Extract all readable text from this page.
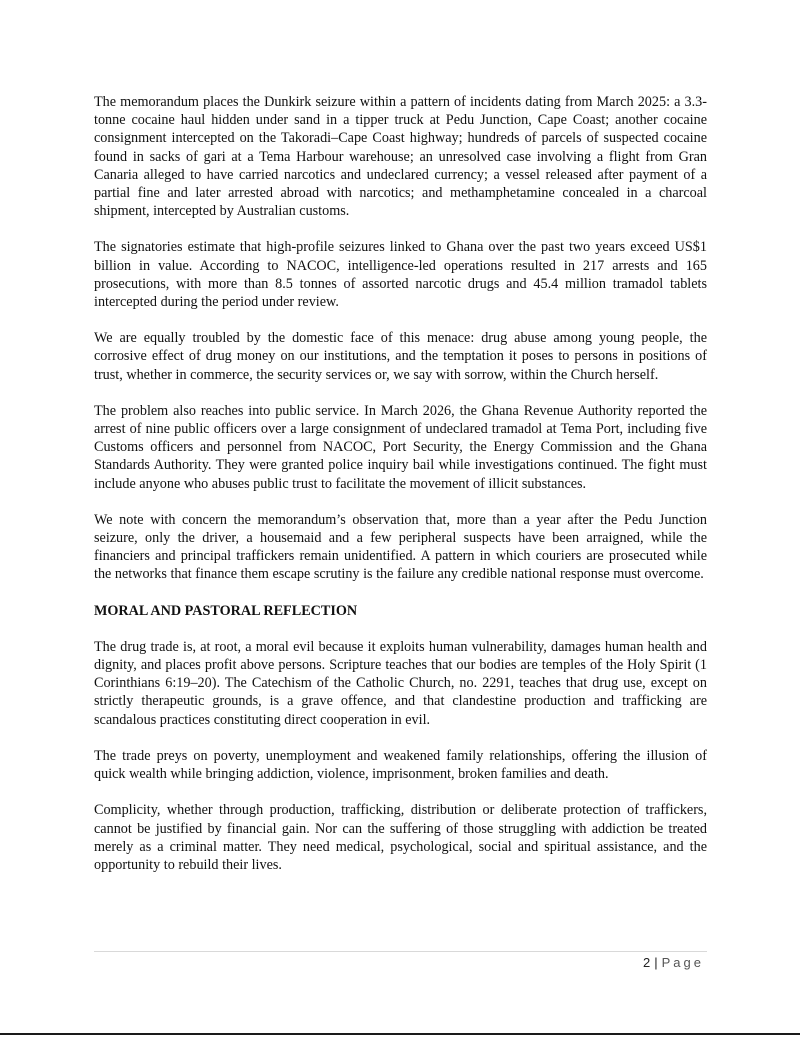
The memorandum places the Dunkirk seizure within a pattern of incidents dating from March 2025: a 3.3-tonne cocaine haul hidden under sand in a tipper truck at Pedu Junction, Cape Coast; another cocaine consignment intercepted on the Takoradi–Cape Coast highway; hundreds of parcels of suspected cocaine found in sacks of gari at a Tema Harbour warehouse; an unresolved case involving a flight from Gran Canaria alleged to have carried narcotics and undeclared currency; a vessel released after payment of a partial fine and later arrested abroad with narcotics; and methamphetamine concealed in a charcoal shipment, intercepted by Australian customs.

The signatories estimate that high-profile seizures linked to Ghana over the past two years exceed US$1 billion in value. According to NACOC, intelligence-led operations resulted in 217 arrests and 165 prosecutions, with more than 8.5 tonnes of assorted narcotic drugs and 45.4 million tramadol tablets intercepted during the period under review.

We are equally troubled by the domestic face of this menace: drug abuse among young people, the corrosive effect of drug money on our institutions, and the temptation it poses to persons in positions of trust, whether in commerce, the security services or, we say with sorrow, within the Church herself.

The problem also reaches into public service. In March 2026, the Ghana Revenue Authority reported the arrest of nine public officers over a large consignment of undeclared tramadol at Tema Port, including five Customs officers and personnel from NACOC, Port Security, the Energy Commission and the Ghana Standards Authority. They were granted police inquiry bail while investigations continued. The fight must include anyone who abuses public trust to facilitate the movement of illicit substances.

We note with concern the memorandum’s observation that, more than a year after the Pedu Junction seizure, only the driver, a housemaid and a few peripheral suspects have been arraigned, while the financiers and principal traffickers remain unidentified. A pattern in which couriers are prosecuted while the networks that finance them escape scrutiny is the failure any credible national response must overcome.

MORAL AND PASTORAL REFLECTION

The drug trade is, at root, a moral evil because it exploits human vulnerability, damages human health and dignity, and places profit above persons. Scripture teaches that our bodies are temples of the Holy Spirit (1 Corinthians 6:19–20). The Catechism of the Catholic Church, no. 2291, teaches that drug use, except on strictly therapeutic grounds, is a grave offence, and that clandestine production and trafficking are scandalous practices constituting direct cooperation in evil.

The trade preys on poverty, unemployment and weakened family relationships, offering the illusion of quick wealth while bringing addiction, violence, imprisonment, broken families and death.

Complicity, whether through production, trafficking, distribution or deliberate protection of traffickers, cannot be justified by financial gain. Nor can the suffering of those struggling with addiction be treated merely as a criminal matter. They need medical, psychological, social and spiritual assistance, and the opportunity to rebuild their lives.

2 | Page
